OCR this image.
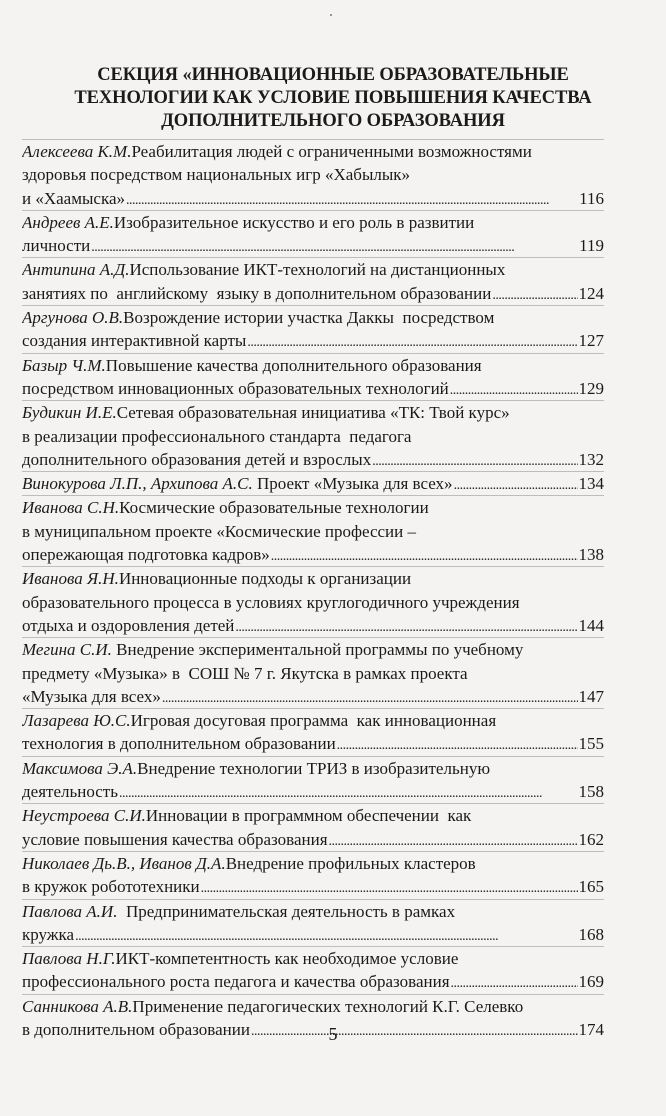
СЕКЦИЯ «ИННОВАЦИОННЫЕ ОБРАЗОВАТЕЛЬНЫЕ
ТЕХНОЛОГИИ КАК УСЛОВИЕ ПОВЫШЕНИЯ КАЧЕСТВА
ДОПОЛНИТЕЛЬНОГО ОБРАЗОВАНИЯ
Алексеева К.М. Реабилитация людей с ограниченными возможностями
здоровья посредством национальных игр «Хабылык»
и «Хаамыска» . . .	116
Андреев А.Е. Изобразительное искусство и его роль в развитии
личности . . .	119
Антипина А.Д. Использование ИКТ-технологий на дистанционных
занятиях по  английскому  языку в дополнительном образовании . . .	124
Аргунова О.В. Возрождение истории участка Даккы  посредством
создания интерактивной карты . . .	127
Базыр Ч.М. Повышение качества дополнительного образования
посредством инновационных образовательных технологий . . .	129
Будикин И.Е. Сетевая образовательная инициатива «ТК: Твой курс»
в реализации профессионального стандарта  педагога
дополнительного образования детей и взрослых . . .	132
Винокурова Л.П., Архипова А.С. Проект «Музыка для всех» . . .	134
Иванова С.Н. Космические образовательные технологии
в муниципальном проекте «Космические профессии –
опережающая подготовка кадров» . . .	138
Иванова Я.Н. Инновационные подходы к организации
образовательного процесса в условиях круглогодичного учреждения
отдыха и оздоровления детей . . .	144
Мегина С.И. Внедрение экспериментальной программы по учебному
предмету «Музыка» в  СОШ № 7 г. Якутска в рамках проекта
«Музыка для всех» . . .	147
Лазарева Ю.С. Игровая досуговая программа  как инновационная
технология в дополнительном образовании . . .	155
Максимова Э.А. Внедрение технологии ТРИЗ в изобразительную
деятельность . . .	158
Неустроева С.И. Инновации в программном обеспечении  как
условие повышения качества образования . . .	162
Николаев Дь.В., Иванов Д.А. Внедрение профильных кластеров
в кружок робототехники . . .	165
Павлова А.И. Предпринимательская деятельность в рамках
кружка . . .	168
Павлова Н.Г. ИКТ-компетентность как необходимое условие
профессионального роста педагога и качества образования . . .	169
Санникова А.В. Применение педагогических технологий К.Г. Селевко
в дополнительном образовании . . .	174
5
